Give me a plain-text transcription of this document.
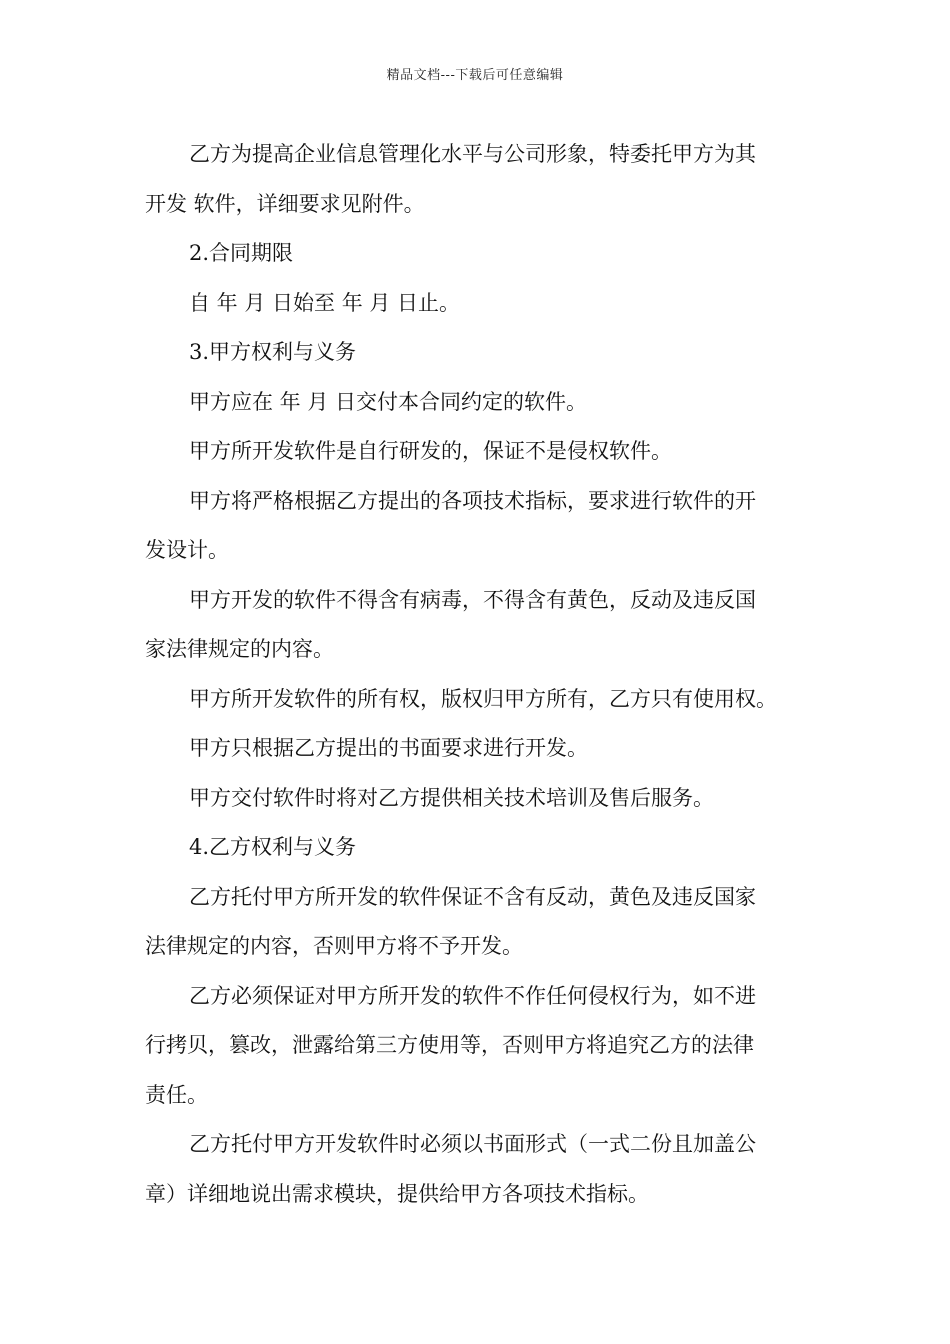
精品文档---下载后可任意编辑

乙方为提高企业信息管理化水平与公司形象，特委托甲方为其
开发 软件，详细要求见附件。

2.合同期限

自 年 月 日始至 年 月 日止。

3.甲方权利与义务

甲方应在 年 月 日交付本合同约定的软件。

甲方所开发软件是自行研发的，保证不是侵权软件。

甲方将严格根据乙方提出的各项技术指标，要求进行软件的开
发设计。

甲方开发的软件不得含有病毒，不得含有黄色，反动及违反国
家法律规定的内容。

甲方所开发软件的所有权，版权归甲方所有，乙方只有使用权。

甲方只根据乙方提出的书面要求进行开发。

甲方交付软件时将对乙方提供相关技术培训及售后服务。

4.乙方权利与义务

乙方托付甲方所开发的软件保证不含有反动，黄色及违反国家
法律规定的内容，否则甲方将不予开发。

乙方必须保证对甲方所开发的软件不作任何侵权行为，如不进
行拷贝，篡改，泄露给第三方使用等，否则甲方将追究乙方的法律
责任。

乙方托付甲方开发软件时必须以书面形式（一式二份且加盖公
章）详细地说出需求模块，提供给甲方各项技术指标。
